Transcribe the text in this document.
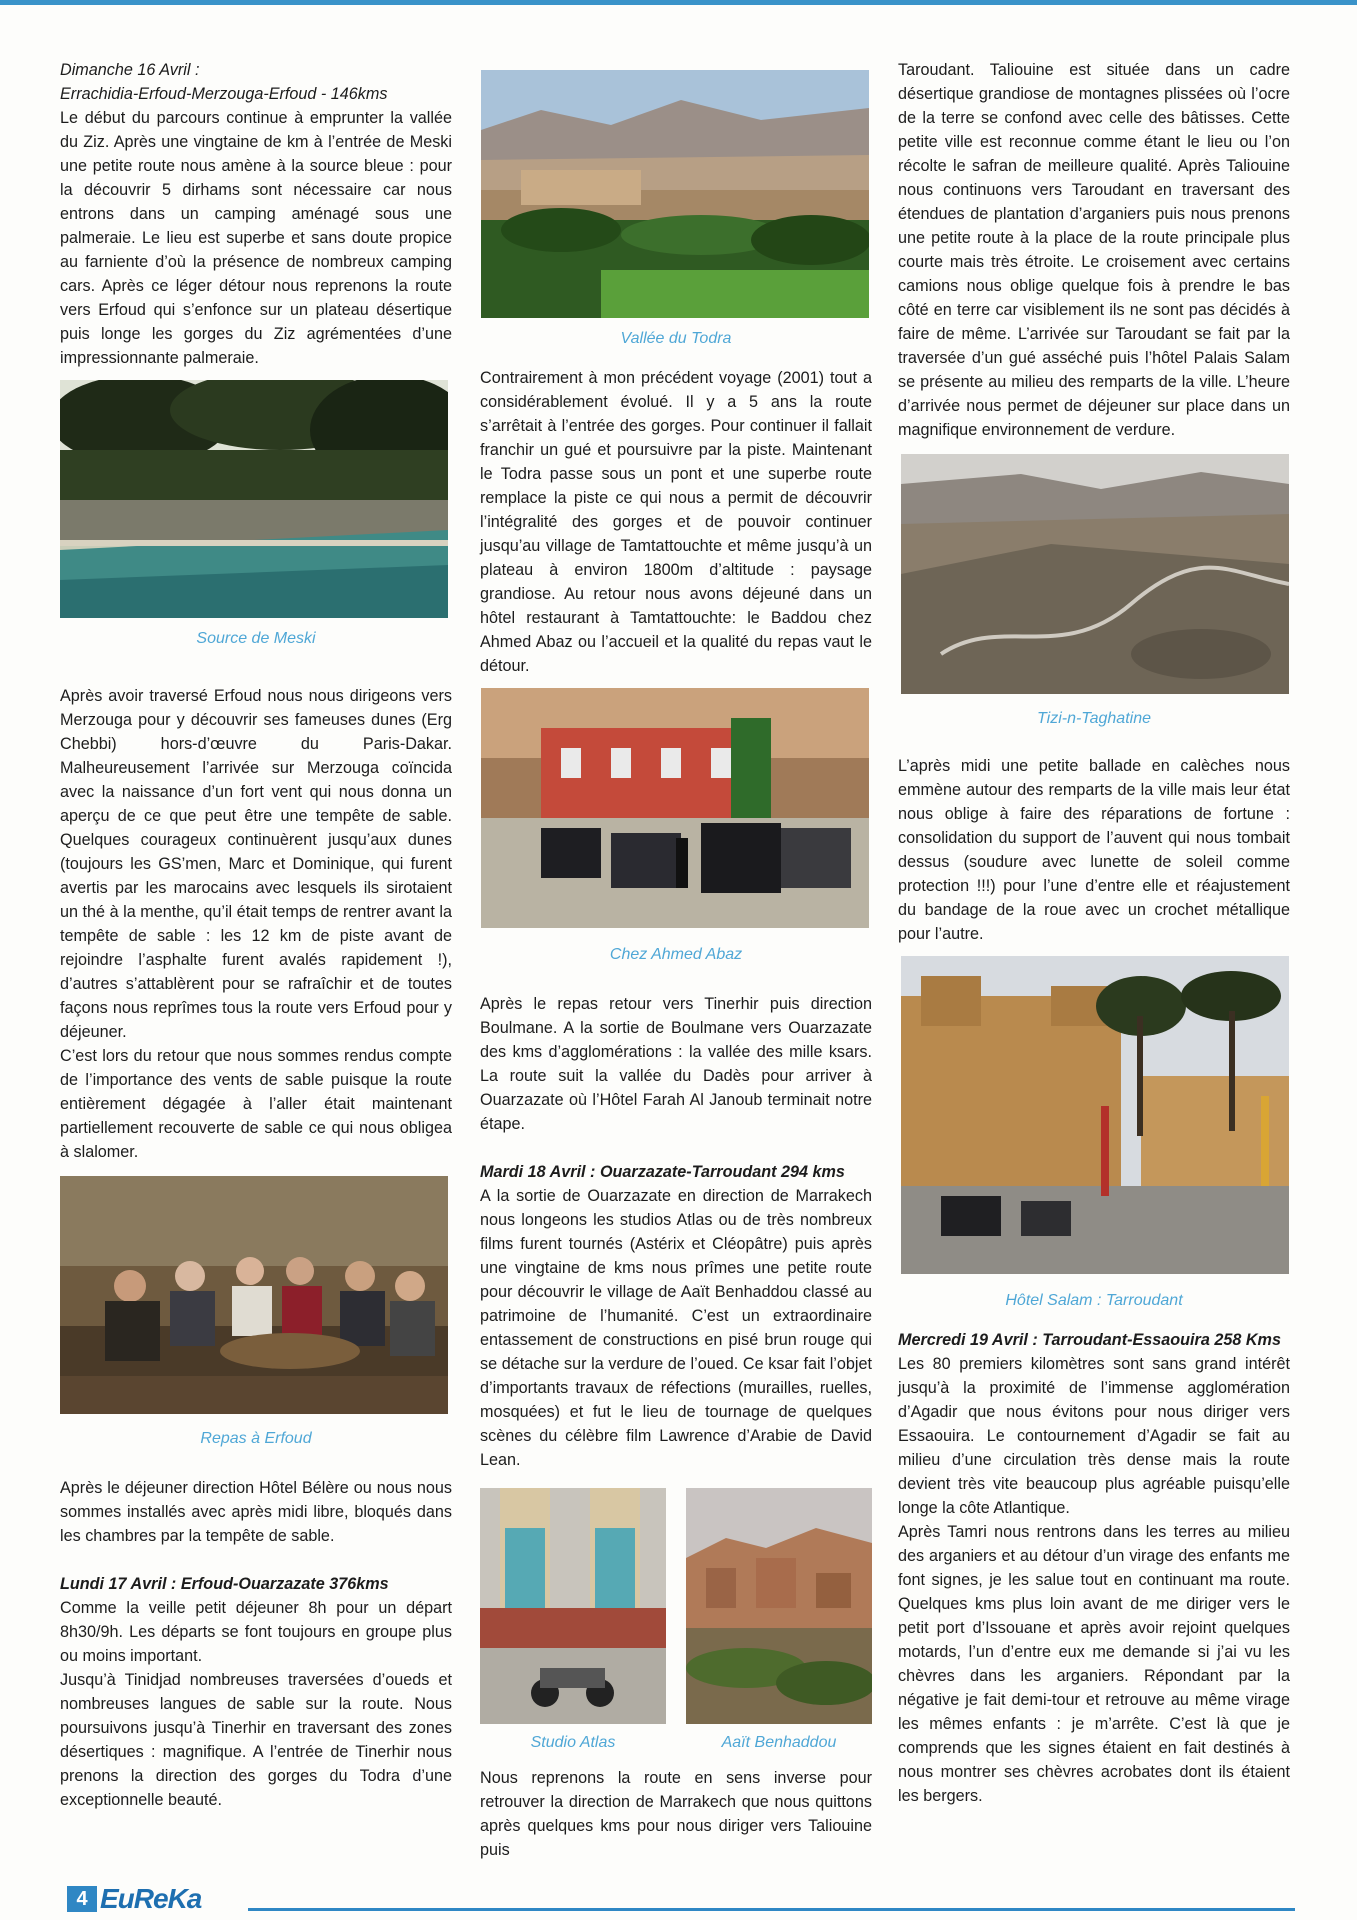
Dimanche 16 Avril :

Errachidia-Erfoud-Merzouga-Erfoud - 146kms

Le début du parcours continue à emprunter la vallée du Ziz. Après une vingtaine de km à l’entrée de Meski une petite route nous amène à la source bleue : pour la découvrir 5 dirhams sont nécessaire car nous entrons dans un camping aménagé sous une palmeraie. Le lieu est superbe et sans doute propice au farniente d’où la présence de nombreux camping cars. Après ce léger détour nous reprenons la route vers Erfoud qui s’enfonce sur un plateau désertique puis longe les gorges du Ziz agrémentées d’une impressionnante palmeraie.

Source de Meski

Après avoir traversé Erfoud nous nous dirigeons vers Merzouga pour y découvrir ses fameuses dunes (Erg Chebbi) hors-d’œuvre du Paris-Dakar. Malheureusement l’arrivée sur Merzouga coïncida avec la naissance d’un fort vent qui nous donna un aperçu de ce que peut être une tempête de sable. Quelques courageux continuèrent jusqu’aux dunes (toujours les GS’men, Marc et Dominique, qui furent avertis par les marocains avec lesquels ils sirotaient un thé à la menthe, qu’il était temps de rentrer avant la tempête de sable : les 12 km de piste avant de rejoindre l’asphalte furent avalés rapidement !), d’autres s’attablèrent pour se rafraîchir et de toutes façons nous reprîmes tous la route vers Erfoud pour y déjeuner.

C’est lors du retour que nous sommes rendus compte de l’importance des vents de sable puisque la route entièrement dégagée à l’aller était maintenant partiellement recouverte de sable ce qui nous obligea à slalomer.

Repas à Erfoud

Après le déjeuner direction Hôtel Bélère ou nous nous sommes installés avec après midi libre, bloqués dans les chambres par la tempête de sable.

Lundi 17 Avril : Erfoud-Ouarzazate 376kms

Comme la veille petit déjeuner 8h pour un départ 8h30/9h. Les départs se font toujours en groupe plus ou moins important.

Jusqu’à Tinidjad nombreuses traversées d’oueds et nombreuses langues de sable sur la route. Nous poursuivons jusqu’à Tinerhir en traversant des zones désertiques : magnifique. A l’entrée de Tinerhir nous prenons la direction des gorges du Todra d’une exceptionnelle beauté.

Vallée du Todra

Contrairement à mon précédent voyage (2001) tout a considérablement évolué. Il y a 5 ans la route s’arrêtait à l’entrée des gorges. Pour continuer il fallait franchir un gué et poursuivre par la piste. Maintenant le Todra passe sous un pont et une superbe route remplace la piste ce qui nous a permit de découvrir l’intégralité des gorges et de pouvoir continuer jusqu’au village de Tamtattouchte et même jusqu’à un plateau à environ 1800m d’altitude : paysage grandiose. Au retour nous avons déjeuné dans un hôtel restaurant à Tamtattouchte: le Baddou chez Ahmed Abaz ou l’accueil et la qualité du repas vaut le détour.

Chez Ahmed Abaz

Après le repas retour vers Tinerhir puis direction Boulmane. A la sortie de Boulmane vers Ouarzazate des kms d’agglomérations : la vallée des mille ksars. La route suit la vallée du Dadès pour arriver à Ouarzazate où l’Hôtel Farah Al Janoub terminait notre étape.

Mardi 18 Avril : Ouarzazate-Tarroudant 294 kms

A la sortie de Ouarzazate en direction de Marrakech nous longeons les studios Atlas ou de très nombreux films furent tournés (Astérix et Cléopâtre) puis après une vingtaine de kms nous prîmes une petite route pour découvrir le village de Aaït Benhaddou classé au patrimoine de l’humanité. C’est un extraordinaire entassement de constructions en pisé brun rouge qui se détache sur la verdure de l’oued. Ce ksar fait l’objet d’importants travaux de réfections (murailles, ruelles, mosquées) et fut le lieu de tournage de quelques scènes du célèbre film Lawrence d’Arabie de David Lean.

Studio Atlas	Aaït Benhaddou

Nous reprenons la route en sens inverse pour retrouver la direction de Marrakech que nous quittons après quelques kms pour nous diriger vers Taliouine puis

Taroudant. Taliouine est située dans un cadre désertique grandiose de montagnes plissées où l’ocre de la terre se confond avec celle des bâtisses. Cette petite ville est reconnue comme étant le lieu ou l’on récolte le safran de meilleure qualité. Après Taliouine nous continuons vers Taroudant en traversant des étendues de plantation d’arganiers puis nous prenons une petite route à la place de la route principale plus courte mais très étroite. Le croisement avec certains camions nous oblige quelque fois à prendre le bas côté en terre car visiblement ils ne sont pas décidés à faire de même. L’arrivée sur Taroudant se fait par la traversée d’un gué asséché puis l’hôtel Palais Salam se présente au milieu des remparts de la ville. L’heure d’arrivée nous permet de déjeuner sur place dans un magnifique environnement de verdure.

Tizi-n-Taghatine

L’après midi une petite ballade en calèches nous emmène autour des remparts de la ville mais leur état nous oblige à faire des réparations de fortune : consolidation du support de l’auvent qui nous tombait dessus (soudure avec lunette de soleil comme protection !!!) pour l’une d’entre elle et réajustement du bandage de la roue avec un crochet métallique pour l’autre.

Hôtel Salam : Tarroudant

Mercredi 19 Avril : Tarroudant-Essaouira 258 Kms

Les 80 premiers kilomètres sont sans grand intérêt jusqu’à la proximité de l’immense agglomération d’Agadir que nous évitons pour nous diriger vers Essaouira. Le contournement d’Agadir se fait au milieu d’une circulation très dense mais la route devient très vite beaucoup plus agréable puisqu’elle longe la côte Atlantique.

Après Tamri nous rentrons dans les terres au milieu des arganiers et au détour d’un virage des enfants me font signes, je les salue tout en continuant ma route. Quelques kms plus loin avant de me diriger vers le petit port d’Issouane et après avoir rejoint quelques motards, l’un d’entre eux me demande si j’ai vu les chèvres dans les arganiers. Répondant par la négative je fait demi-tour et retrouve au même virage les mêmes enfants : je m’arrête. C’est là que je comprends que les signes étaient en fait destinés à nous montrer ses chèvres acrobates dont ils étaient les bergers.

4 EuReKa
